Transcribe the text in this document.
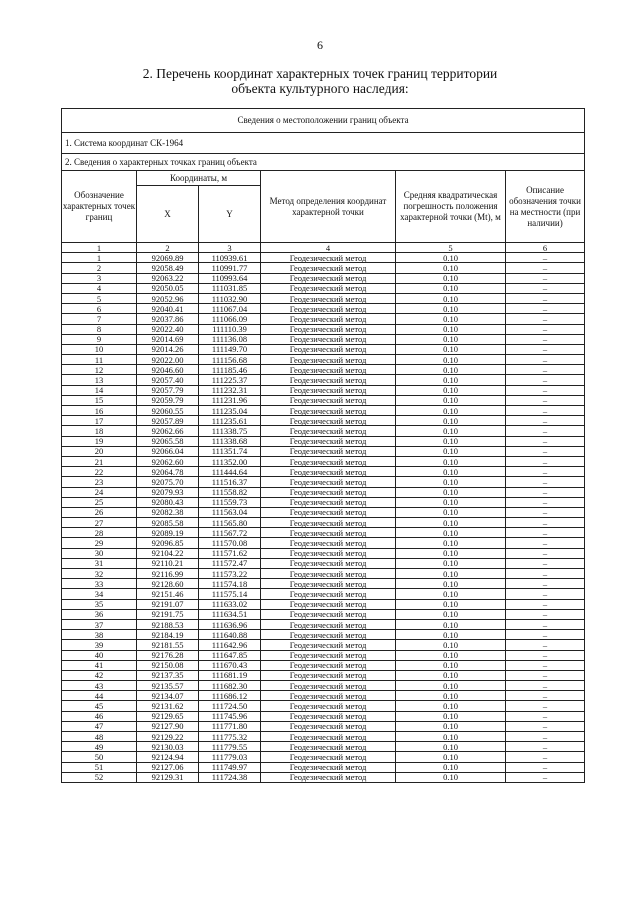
6
2. Перечень координат характерных точек границ территории
объекта культурного наследия:
Сведения о местоположении границ объекта					
1. Система координат СК-1964					
2. Сведения о характерных точках границ объекта					
Обозначение характерных точек границ	Координаты, м		Метод определения координат характерной точки	Средняя квадратическая погрешность положения характерной точки (Mt), м	Описание обозначения точки на местности (при наличии)
	X	Y			
1	2	3	4	5	6
1	92069.89	110939.61	Геодезический метод	0.10	–
2	92058.49	110991.77	Геодезический метод	0.10	–
3	92063.22	110993.64	Геодезический метод	0.10	–
4	92050.05	111031.85	Геодезический метод	0.10	–
5	92052.96	111032.90	Геодезический метод	0.10	–
6	92040.41	111067.04	Геодезический метод	0.10	–
7	92037.86	111066.09	Геодезический метод	0.10	–
8	92022.40	111110.39	Геодезический метод	0.10	–
9	92014.69	111136.08	Геодезический метод	0.10	–
10	92014.26	111149.70	Геодезический метод	0.10	–
11	92022.00	111156.68	Геодезический метод	0.10	–
12	92046.60	111185.46	Геодезический метод	0.10	–
13	92057.40	111225.37	Геодезический метод	0.10	–
14	92057.79	111232.31	Геодезический метод	0.10	–
15	92059.79	111231.96	Геодезический метод	0.10	–
16	92060.55	111235.04	Геодезический метод	0.10	–
17	92057.89	111235.61	Геодезический метод	0.10	–
18	92062.66	111338.75	Геодезический метод	0.10	–
19	92065.58	111338.68	Геодезический метод	0.10	–
20	92066.04	111351.74	Геодезический метод	0.10	–
21	92062.60	111352.00	Геодезический метод	0.10	–
22	92064.78	111444.64	Геодезический метод	0.10	–
23	92075.70	111516.37	Геодезический метод	0.10	–
24	92079.93	111558.82	Геодезический метод	0.10	–
25	92080.43	111559.73	Геодезический метод	0.10	–
26	92082.38	111563.04	Геодезический метод	0.10	–
27	92085.58	111565.80	Геодезический метод	0.10	–
28	92089.19	111567.72	Геодезический метод	0.10	–
29	92096.85	111570.08	Геодезический метод	0.10	–
30	92104.22	111571.62	Геодезический метод	0.10	–
31	92110.21	111572.47	Геодезический метод	0.10	–
32	92116.99	111573.22	Геодезический метод	0.10	–
33	92128.60	111574.18	Геодезический метод	0.10	–
34	92151.46	111575.14	Геодезический метод	0.10	–
35	92191.07	111633.02	Геодезический метод	0.10	–
36	92191.75	111634.51	Геодезический метод	0.10	–
37	92188.53	111636.96	Геодезический метод	0.10	–
38	92184.19	111640.88	Геодезический метод	0.10	–
39	92181.55	111642.96	Геодезический метод	0.10	–
40	92176.28	111647.85	Геодезический метод	0.10	–
41	92150.08	111670.43	Геодезический метод	0.10	–
42	92137.35	111681.19	Геодезический метод	0.10	–
43	92135.57	111682.30	Геодезический метод	0.10	–
44	92134.07	111686.12	Геодезический метод	0.10	–
45	92131.62	111724.50	Геодезический метод	0.10	–
46	92129.65	111745.96	Геодезический метод	0.10	–
47	92127.90	111771.80	Геодезический метод	0.10	–
48	92129.22	111775.32	Геодезический метод	0.10	–
49	92130.03	111779.55	Геодезический метод	0.10	–
50	92124.94	111779.03	Геодезический метод	0.10	–
51	92127.06	111749.97	Геодезический метод	0.10	–
52	92129.31	111724.38	Геодезический метод	0.10	–
